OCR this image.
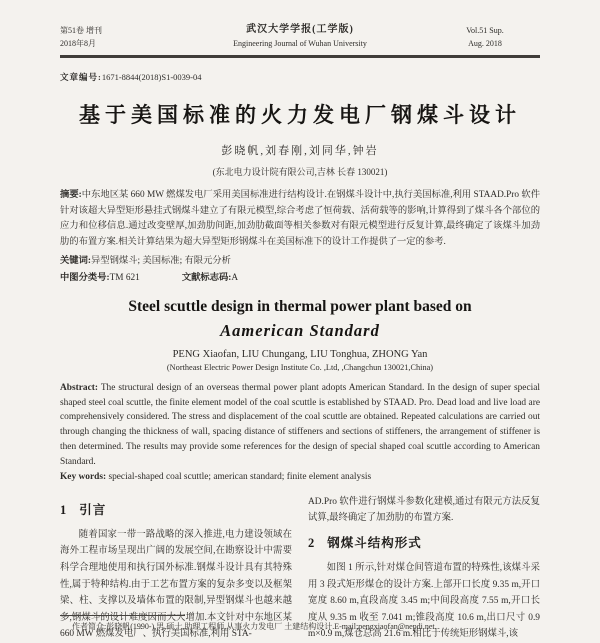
第51卷 增刊
2018年8月
武汉大学学报(工学版)
Engineering Journal of Wuhan University
Vol.51 Sup.
Aug. 2018
文章编号:1671-8844(2018)S1-0039-04
基于美国标准的火力发电厂钢煤斗设计
彭晓帆,刘春刚,刘同华,钟岩
(东北电力设计院有限公司,吉林 长春 130021)

摘要:中东地区某 660 MW 燃煤发电厂采用美国标准进行结构设计.在钢煤斗设计中,执行美国标准,利用 STAAD.Pro 软件针对该超大异型矩形悬挂式钢煤斗建立了有限元模型,综合考虑了恒荷载、活荷载等的影响,计算得到了煤斗各个部位的应力和位移信息.通过改变壁厚,加劲肋间距,加劲肋截面等相关参数对有限元模型进行反复计算,最终确定了该煤斗加劲肋的布置方案.相关计算结果为超大异型矩形钢煤斗在美国标准下的设计工作提供了一定的参考.

关键词:异型钢煤斗; 美国标准; 有限元分析

中图分类号:TM 621	文献标志码:A

Steel scuttle design in thermal power plant based on
Aamerican Standard
PENG Xiaofan, LIU Chungang, LIU Tonghua, ZHONG Yan
(Northeast Electric Power Design Institute Co. ,Ltd, ,Changchun 130021,China)

Abstract: The structural design of an overseas thermal power plant adopts American Standard. In the design of super special shaped steel coal scuttle, the finite element model of the coal scuttle is established by STAAD. Pro. Dead load and live load are comprehensively considered. The stress and displacement of the coal scuttle are obtained. Repeated calculations are carried out through changing the thickness of wall, spacing distance of stiffeners and sections of stiffeners, the arrangement of stiffener is then determined. The results may provide some references for the design of special shaped coal scuttle according to American Standard.

Key words: special-shaped coal scuttle; american standard; finite element analysis

1 引言

随着国家一带一路战略的深入推进,电力建设领域在海外工程市场呈现出广阔的发展空间,在勘察设计中需要科学合理地使用和执行国外标准.钢煤斗设计具有其特殊性,属于特种结构.由于工艺布置方案的复杂多变以及框架梁、柱、支撑以及墙体布置的限制,异型钢煤斗也越来越多,钢煤斗的设计难度因而大大增加.本文针对中东地区某 660 MW 燃煤发电厂、执行美国标准,利用 STA-

AD.Pro 软件进行钢煤斗参数化建模,通过有限元方法反复试算,最终确定了加劲肋的布置方案.

2 钢煤斗结构形式

如图 1 所示,针对煤仓间管道布置的特殊性,该煤斗采用 3 段式矩形煤仓的设计方案.上部开口长度 9.35 m,开口宽度 8.60 m,直段高度 3.45 m;中间段高度 7.55 m,开口长度从 9.35 m 收至 7.041 m;锥段高度 10.6 m,出口尺寸 0.9 m×0.9 m,煤仓总高 21.6 m.相比于传统矩形钢煤斗,该

作者简介:彭晓帆(1990-),男,硕士,助理工程师,从事火力发电厂 土建结构设计.E-mail:pengxiaofan@nepdi.net.
